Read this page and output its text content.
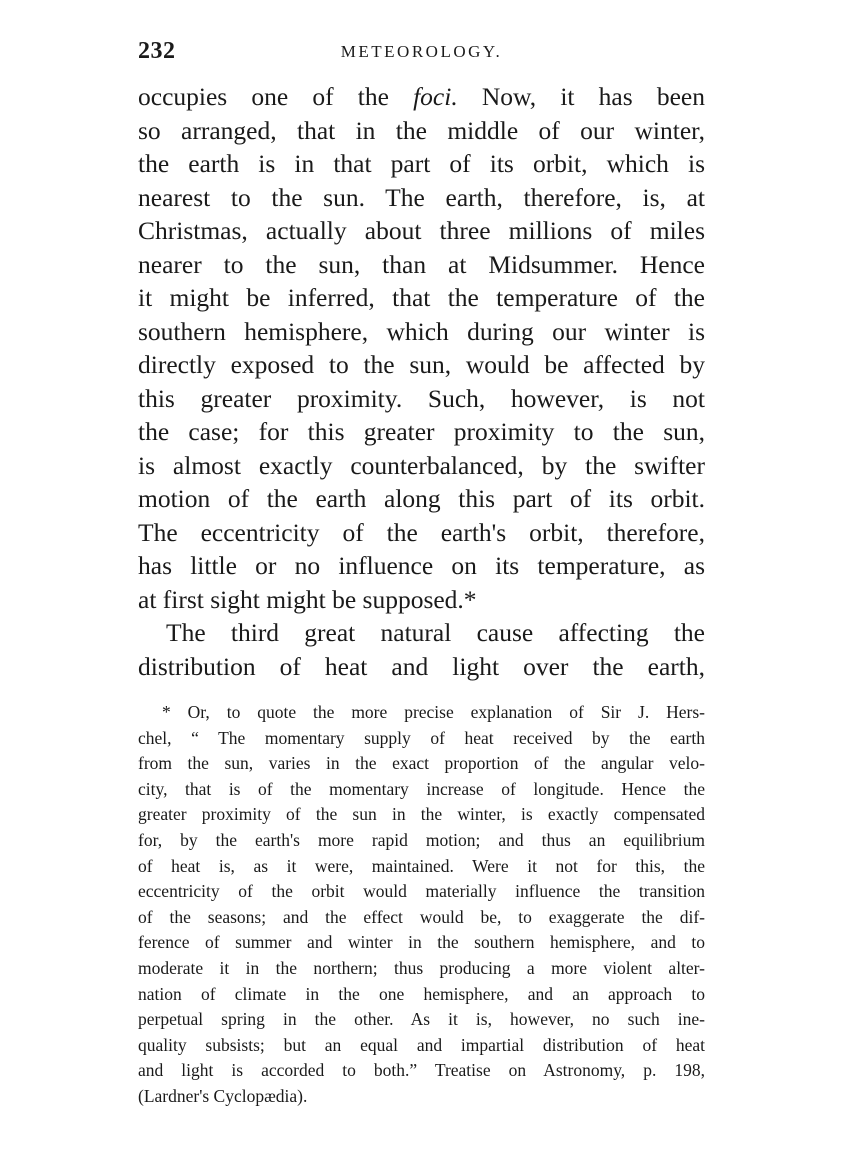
232	METEOROLOGY.
occupies one of the foci. Now, it has been
so arranged, that in the middle of our winter,
the earth is in that part of its orbit, which is
nearest to the sun. The earth, therefore, is, at
Christmas, actually about three millions of miles
nearer to the sun, than at Midsummer. Hence
it might be inferred, that the temperature of the
southern hemisphere, which during our winter is
directly exposed to the sun, would be affected by
this greater proximity. Such, however, is not
the case; for this greater proximity to the sun,
is almost exactly counterbalanced, by the swifter
motion of the earth along this part of its orbit.
The eccentricity of the earth's orbit, therefore,
has little or no influence on its temperature, as
at first sight might be supposed.*
The third great natural cause affecting the
distribution of heat and light over the earth,
* Or, to quote the more precise explanation of Sir J. Hers-
chel, “ The momentary supply of heat received by the earth
from the sun, varies in the exact proportion of the angular velo-
city, that is of the momentary increase of longitude. Hence the
greater proximity of the sun in the winter, is exactly compensated
for, by the earth's more rapid motion; and thus an equilibrium
of heat is, as it were, maintained. Were it not for this, the
eccentricity of the orbit would materially influence the transition
of the seasons; and the effect would be, to exaggerate the dif-
ference of summer and winter in the southern hemisphere, and to
moderate it in the northern; thus producing a more violent alter-
nation of climate in the one hemisphere, and an approach to
perpetual spring in the other. As it is, however, no such ine-
quality subsists; but an equal and impartial distribution of heat
and light is accorded to both.” Treatise on Astronomy, p. 198,
(Lardner's Cyclopædia).
